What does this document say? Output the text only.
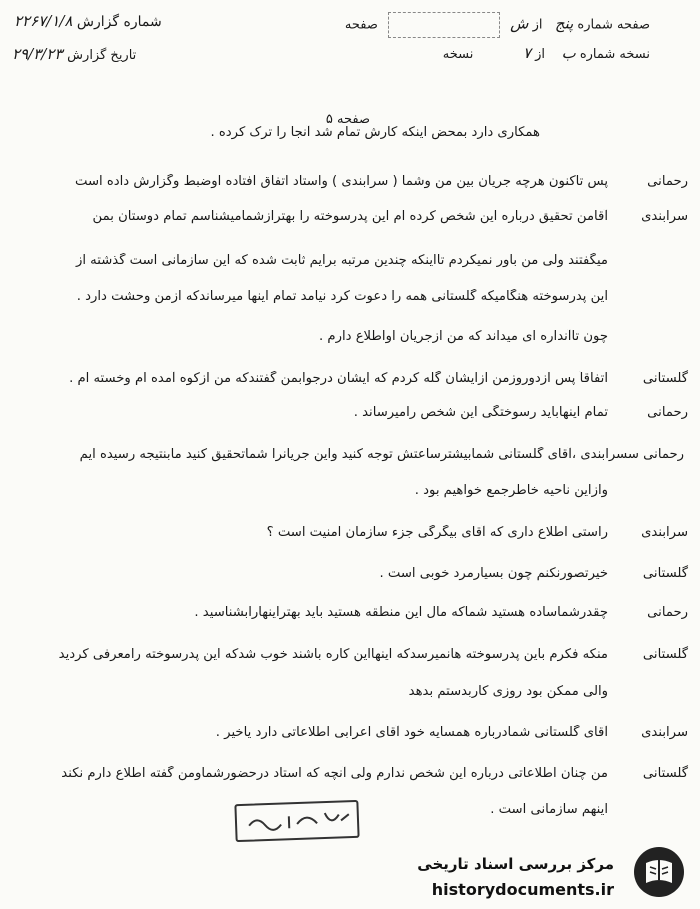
صفحه شماره پنج   از ش  صفحه
نسخه شماره ب    از ۷            نسخه
شماره گزارش ۲۲۶۷/۱/۸
تاریخ گزارش ۲۹/۳/۲۳
صفحه ۵
همکاری دارد بمحض اینکه کارش تمام شد آنجا را ترک کرده .
رحمانی
پس تاکنون هرچه جریان بین من وشما ( سرابندی ) واستاد اتفاق افتاده اوضبط وگزارش داده است
سرابندی
آقامن تحقیق درباره این شخص کرده ام این پدرسوخته را بهترازشمامیشناسم تمام دوستان بمن
میگفتند ولی من باور نمیکردم تااینکه چندین مرتبه برایم ثابت شده که این سازمانی است گذشته از
این پدرسوخته هنگامیکه گلستانی همه را دعوت کرد نیامد تمام اینها میرساندکه ازمن وحشت دارد .
چون تاآنداره ای میداند که من ازجریان اواطلاع دارم .
گلستانی
اتفاقاً پس ازدوروزمن ازایشان گله کردم که ایشان درجوابمن گفتندکه من ازکوه آمده ام وخسته ام .
رحمانی
تمام اینهاباید رسوختگی این شخص رامیرساند .
رحمانی سسرابندی ،آقای گلستانی شمابیشترساعتش توجه کنید واین جریانرا شماتحقیق کنید مابنتیجه رسیده ایم
وازاین ناحیه خاطرجمع خواهیم بود .
سرابندی
راستی اطلاع داری که آقای بیگرگی جزء سازمان امنیت است ؟
گلستانی
خیرتصورنکنم چون بسیارمرد خوبی است .
رحمانی
چقدرشماساده هستید شماکه مال این منطقه هستید باید بهتراینهارابشناسید .
گلستانی
منکه فکرم باین پدرسوخته هانمیرسدکه اینهااین کاره باشند خوب شدکه این پدرسوخته رامعرفی کردید
والی ممکن بود روزی کاربدستم بدهد
سرابندی
آقای گلستانی شمادرباره همسایه خود آقای اعرابی اطلاعاتی دارد یاخیر .
گلستانی
من چنان اطلاعاتی درباره این شخص ندارم ولی آنچه که استاد درحضورشماومن گفته اطلاع دارم نکند
اینهم سازمانی است .
مرکز بررسی اسناد تاریخی
historydocuments.ir
